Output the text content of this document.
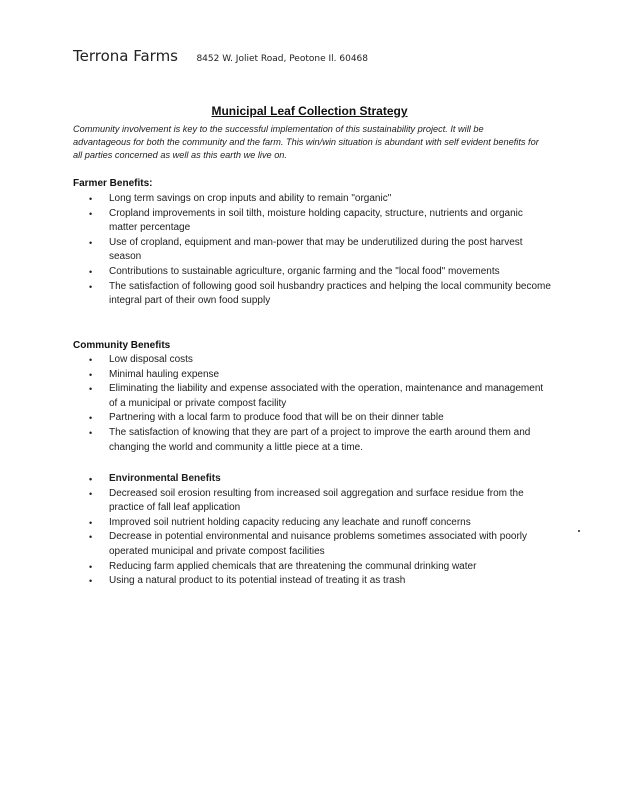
Terrona Farms 8452 W. Joliet Road, Peotone Il. 60468
Municipal Leaf Collection Strategy
Community involvement is key to the successful implementation of this sustainability project. It will be advantageous for both the community and the farm. This win/win situation is abundant with self evident benefits for all parties concerned as well as this earth we live on.
Farmer Benefits:
• Long term savings on crop inputs and ability to remain "organic"
• Cropland improvements in soil tilth, moisture holding capacity, structure, nutrients and organic matter percentage
• Use of cropland, equipment and man-power that may be underutilized during the post harvest season
• Contributions to sustainable agriculture, organic farming and the "local food" movements
• The satisfaction of following good soil husbandry practices and helping the local community become integral part of their own food supply
Community Benefits
• Low disposal costs
• Minimal hauling expense
• Eliminating the liability and expense associated with the operation, maintenance and management of a municipal or private compost facility
• Partnering with a local farm to produce food that will be on their dinner table
• The satisfaction of knowing that they are part of a project to improve the earth around them and changing the world and community a little piece at a time.
• Environmental Benefits
• Decreased soil erosion resulting from increased soil aggregation and surface residue from the practice of fall leaf application
• Improved soil nutrient holding capacity reducing any leachate and runoff concerns
• Decrease in potential environmental and nuisance problems sometimes associated with poorly operated municipal and private compost facilities
• Reducing farm applied chemicals that are threatening the communal drinking water
• Using a natural product to its potential instead of treating it as trash
